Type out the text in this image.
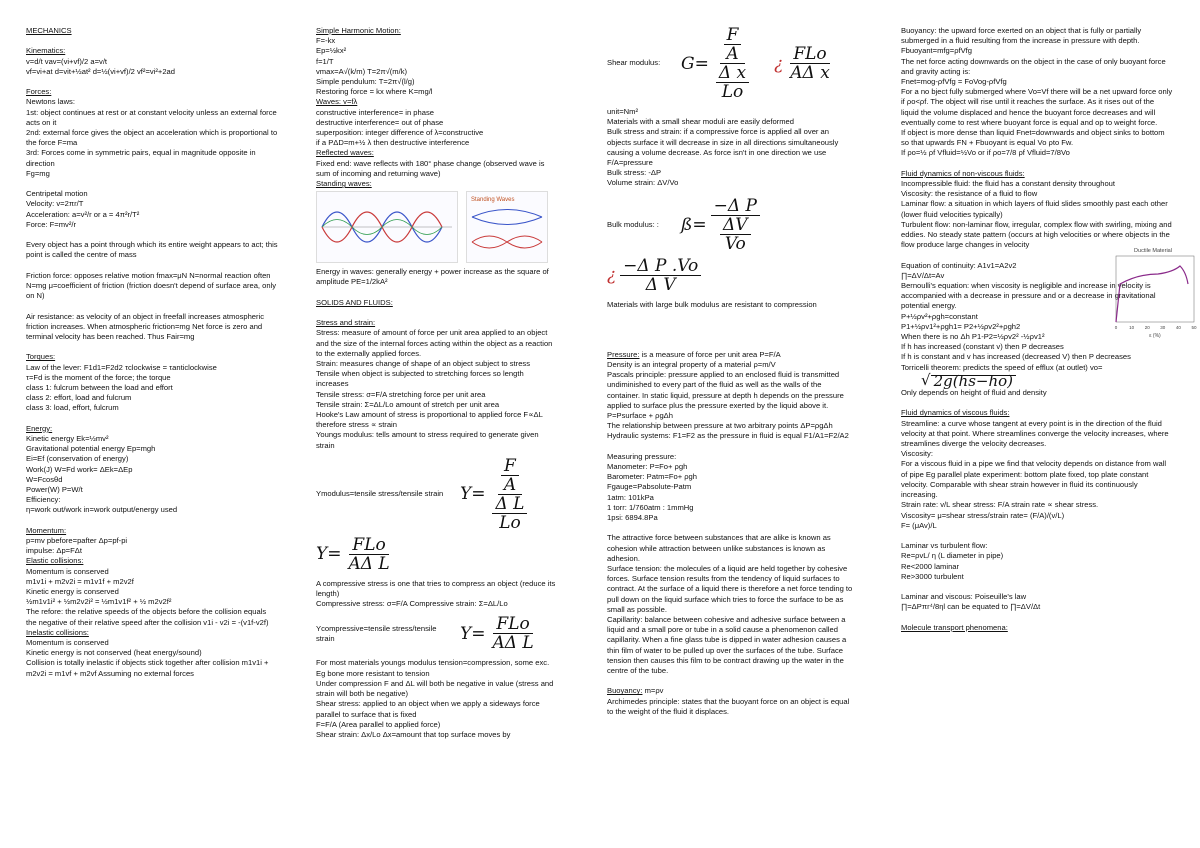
MECHANICS
Kinematics:
v=d/t vav=(vi+vf)/2 a=v/t
vf=vi+at d=vit+½at² d=½(vi+vf)/2 vf²=vi²+2ad
Forces:
Newtons laws:
1st: object continues at rest or at constant velocity unless an external force acts on it
2nd: external force gives the object an acceleration which is proportional to the force F=ma
3rd: Forces come in symmetric pairs, equal in magnitude opposite in direction
Fg=mg
Centripetal motion
Velocity: v=2πr/T
Acceleration: a=v²/r or a = 4π²r/T²
Force: F=mv²/r
Every object has a point through which its entire weight appears to act; this point is called the centre of mass
Friction force: opposes relative motion fmax=μN N=normal reaction often N=mg μ=coefficient of friction (friction doesn't depend of surface area, only on N)
Air resistance: as velocity of an object in freefall increases atmospheric friction increases. When atmospheric friction=mg Net force is zero and terminal velocity has been reached. Thus Fair=mg
Torques:
Law of the lever: F1d1=F2d2 τclockwise = τanticlockwise
τ=Fd is the moment of the force; the torque
class 1: fulcrum between the load and effort
class 2: effort, load and fulcrum
class 3: load, effort, fulcrum
Energy:
Kinetic energy Ek=½mv²
Gravitational potential energy Ep=mgh
Ei=Ef (conservation of energy)
Work(J) W=Fd work= ΔEk=ΔEp
W=Fcosθd
Power(W) P=W/t
Efficiency:
η=work out/work in=work output/energy used
Momentum:
p=mv pbefore=pafter Δp=pf-pi
impulse: Δp=FΔt
Elastic collisions:
Momentum is conserved
m1v1i + m2v2i = m1v1f + m2v2f
Kinetic energy is conserved
½m1v1i² + ½m2v2i² = ½m1v1f² + ½ m2v2f²
The refore: the relative speeds of the objects before the collision equals the negative of their relative speed after the collision v1i - v2i = -(v1f-v2f)
Inelastic collisions:
Momentum is conserved
Kinetic energy is not conserved (heat energy/sound)
Collision is totally inelastic if objects stick together after collision m1v1i + m2v2i = m1vf + m2vf Assuming no external forces
Simple Harmonic Motion:
F=-kx
Ep=½kx²
f=1/T
vmax=A√(k/m) T=2π√(m/k)
Simple pendulum: T=2π√(l/g)
Restoring force = kx where K=mg/l
Waves: v=fλ
constructive interference= in phase
destructive interference= out of phase
superposition: integer difference of λ=constructive
if a PΔD=m+½ λ then destructive interference
Reflected waves:
Fixed end: wave reflects with 180° phase change (observed wave is sum of incoming and returning wave)
Standing waves:
Standing Waves
Energy in waves: generally energy + power increase as the square of amplitude PE=1/2kA²
SOLIDS AND FLUIDS:
Stress and strain:
Stress: measure of amount of force per unit area applied to an object and the size of the internal forces acting within the object as a reaction to the externally applied forces.
Strain: measures change of shape of an object subject to stress
Tensile when object is subjected to stretching forces so length increases
Tensile stress: σ=F/A stretching force per unit area
Tensile strain: Σ=ΔL/Lo amount of stretch per unit area
Hooke's Law amount of stress is proportional to applied force F∝ΔL therefore stress ∝ strain
Youngs modulus: tells amount to stress required to generate given strain
Ymodulus=tensile stress/tensile strain $Y= \frac{\frac{F}{A}}{\frac{\text{Δ L}}{Lo}}$
$Y= \frac{\text{FLo}}{\text{AΔ L}}$
A compressive stress is one that tries to compress an object (reduce its length)
Compressive stress: σ=F/A Compressive strain: Σ=ΔL/Lo
Ycompressive=tensile stress/tensile strain	$Y= \frac{\text{FLo}}{\text{AΔ L}}$
For most materials youngs modulus tension=compression, some exc. Eg bone more resistant to tension
Under compression F and ΔL will both be negative in value (stress and strain will both be negative)
Shear stress: applied to an object when we apply a sideways force parallel to surface that is fixed
F=F/A (Area parallel to applied force)
Shear strain: Δx/Lo Δx=amount that top surface moves by
Shear modulus:	$G= \frac{\frac{F}{A}}{\frac{\text{Δ x}}{Lo}}$ ¿ $\frac{\text{FLo}}{\text{AΔ x}}$
unit=Nm²
Materials with a small shear moduli are easily deformed
Bulk stress and strain: if a compressive force is applied all over an objects surface it will decrease in size in all directions simultaneously causing a volume decrease. As force isn't in one direction we use F/A=pressure
Bulk stress: -ΔP
Volume strain: ΔV/Vo
Bulk modulus: :	ß= $\frac{\text{−Δ P}}{\frac{\Delta V}{Vo}}$
¿ $\frac{\text{−Δ P .Vo}}{\text{Δ V}}$
Materials with large bulk modulus are resistant to compression
Pressure: is a measure of force per unit area P=F/A
Density is an integral property of a material ρ=m/V
Pascals principle: pressure applied to an enclosed fluid is transmitted undiminished to every part of the fluid as well as the walls of the container. In static liquid, pressure at depth h depends on the pressure applied to surface plus the pressure exerted by the liquid above it. P=Psurface + ρgΔh
The relationship between pressure at two arbitrary points ΔP=ρgΔh
Hydraulic systems: F1=F2 as the pressure in fluid is equal F1/A1=F2/A2
Measuring pressure:
Manometer: P=Fo+ ρgh
Barometer: Patm=Fo+ ρgh
Fgauge=Pabsolute-Patm
1atm: 101kPa
1 torr: 1/760atm : 1mmHg
1psi: 6894.8Pa
The attractive force between substances that are alike is known as cohesion while attraction between unlike substances is known as adhesion.
Surface tension: the molecules of a liquid are held together by cohesive forces. Surface tension results from the tendency of liquid surfaces to contract. At the surface of a liquid there is therefore a net force tending to pull down on the liquid surface which tries to force the surface to be as small as possible.
Capillarity: balance between cohesive and adhesive surface between a liquid and a small pore or tube in a solid cause a phenomenon called capillarity. When a fine glass tube is dipped in water adhesion causes a thin film of water to be pulled up over the surfaces of the tube. Surface tension then causes this film to be contract drawing up the water in the centre of the tube.
Buoyancy: m=ρv
Archimedes principle: states that the buoyant force on an object is equal to the weight of the fluid it displaces.
Buoyancy: the upward force exerted on an object that is fully or partially submerged in a fluid resulting from the increase in pressure with depth.
Fbuoyant=mfg=ρfVfg
The net force acting downwards on the object in the case of only buoyant force and gravity acting is:
Fnet=mog-ρfVfg = FoVog-ρfVfg
For a no bject fully submerged where Vo=Vf there will be a net upward force only if ρo<ρf. The object will rise until it reaches the surface. As it rises out of the liquid the volume displaced and hence the buoyant force decreases and will eventually come to rest where buoyant force is equal and op to weight force.
If object is more dense than liquid Fnet=downwards and object sinks to bottom so that upwards FN + Fbuoyant is equal Vo ρto Fw.
If ρo=½ ρf Vfluid=½Vo or if ρo=7/8 ρf Vfluid=7/8Vo
Fluid dynamics of non-viscous fluids:
Incompressible fluid: the fluid has a constant density throughout
Viscosity: the resistance of a fluid to flow
Laminar flow: a situation in which layers of fluid slides smoothly past each other (lower fluid velocities typically)
Turbulent flow: non-laminar flow, irregular, complex flow with swirling, mixing and eddies. No steady state pattern (occurs at high velocities or where objects in the flow produce large changes in velocity
Equation of continuity: A1v1=A2v2
∏=ΔV/Δt=Av
Bernoulli's equation: when viscosity is negligible and increase in velocity is accompanied with a decrease in pressure and or a decrease in gravitational potential energy.
P+½ρv²+ρgh=constant
P1+½ρv1²+ρgh1= P2+½ρv2²+ρgh2
When there is no Δh P1-P2=½ρv2² -½ρv1²
If h has increased (constant v) then P decreases
If h is constant and v has increased (decreased V) then P decreases
Torricelli theorem: predicts the speed of efflux (at outlet) vo=
√ 2g(hs−ho)
Only depends on height of fluid and density
Fluid dynamics of viscous fluids:
Streamline: a curve whose tangent at every point is in the direction of the fluid velocity at that point. Where streamlines converge the velocity increases, where streamlines diverge the velocity decreases.
Viscosity:
For a viscous fluid in a pipe we find that velocity depends on distance from wall of pipe Eg parallel plate experiment: bottom plate fixed, top plate constant velocity. Comparable with shear strain however in fluid its continuously increasing.
Strain rate: v/L shear stress: F/A strain rate ∝ shear stress.
Viscosity= μ=shear stress/strain rate= (F/A)/(v/L)
F= (μAv)/L
Laminar vs turbulent flow:
Re=ρvL/ η (L diameter in pipe)
Re<2000 laminar
Re>3000 turbulent
Laminar and viscous: Poiseuille's law
∏=ΔPπr⁴/8ηl can be equated to ∏=ΔV/Δt
Molecule transport phenomena:
Ductile Material
0	10 20 30 40 50
ε (%)
